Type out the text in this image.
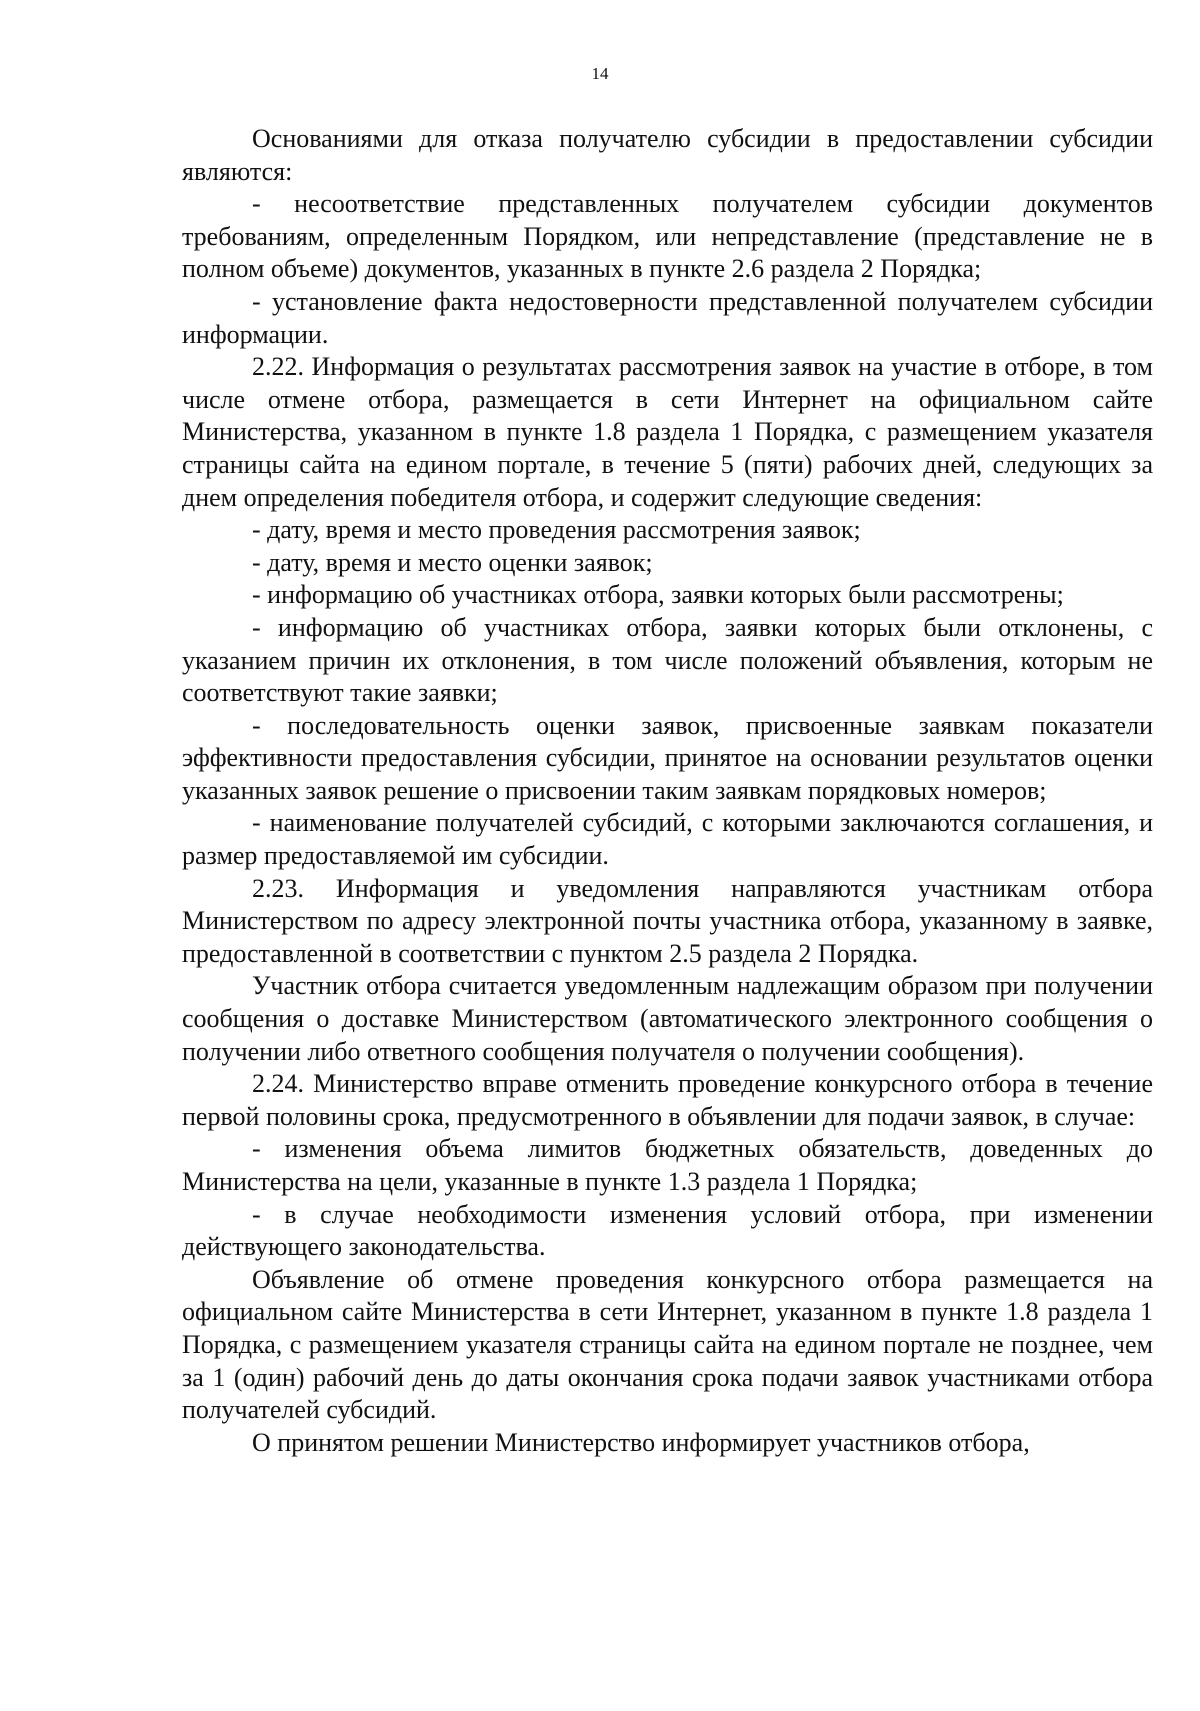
14

Основаниями для отказа получателю субсидии в предоставлении субсидии являются:

- несоответствие представленных получателем субсидии документов требованиям, определенным Порядком, или непредставление (представление не в полном объеме) документов, указанных в пункте 2.6 раздела 2 Порядка;

- установление факта недостоверности представленной получателем субсидии информации.

2.22. Информация о результатах рассмотрения заявок на участие в отборе, в том числе отмене отбора, размещается в сети Интернет на официальном сайте Министерства, указанном в пункте 1.8 раздела 1 Порядка, с размещением указателя страницы сайта на едином портале, в течение 5 (пяти) рабочих дней, следующих за днем определения победителя отбора, и содержит следующие сведения:

- дату, время и место проведения рассмотрения заявок;

- дату, время и место оценки заявок;

- информацию об участниках отбора, заявки которых были рассмотрены;

- информацию об участниках отбора, заявки которых были отклонены, с указанием причин их отклонения, в том числе положений объявления, которым не соответствуют такие заявки;

- последовательность оценки заявок, присвоенные заявкам показатели эффективности предоставления субсидии, принятое на основании результатов оценки указанных заявок решение о присвоении таким заявкам порядковых номеров;

- наименование получателей субсидий, с которыми заключаются соглашения, и размер предоставляемой им субсидии.

2.23. Информация и уведомления направляются участникам отбора Министерством по адресу электронной почты участника отбора, указанному в заявке, предоставленной в соответствии с пунктом 2.5 раздела 2 Порядка.

Участник отбора считается уведомленным надлежащим образом при получении сообщения о доставке Министерством (автоматического электронного сообщения о получении либо ответного сообщения получателя о получении сообщения).

2.24. Министерство вправе отменить проведение конкурсного отбора в течение первой половины срока, предусмотренного в объявлении для подачи заявок, в случае:

- изменения объема лимитов бюджетных обязательств, доведенных до Министерства на цели, указанные в пункте 1.3 раздела 1 Порядка;

- в случае необходимости изменения условий отбора, при изменении действующего законодательства.

Объявление об отмене проведения конкурсного отбора размещается на официальном сайте Министерства в сети Интернет, указанном в пункте 1.8 раздела 1 Порядка, с размещением указателя страницы сайта на едином портале не позднее, чем за 1 (один) рабочий день до даты окончания срока подачи заявок участниками отбора получателей субсидий.

О принятом решении Министерство информирует участников отбора,
